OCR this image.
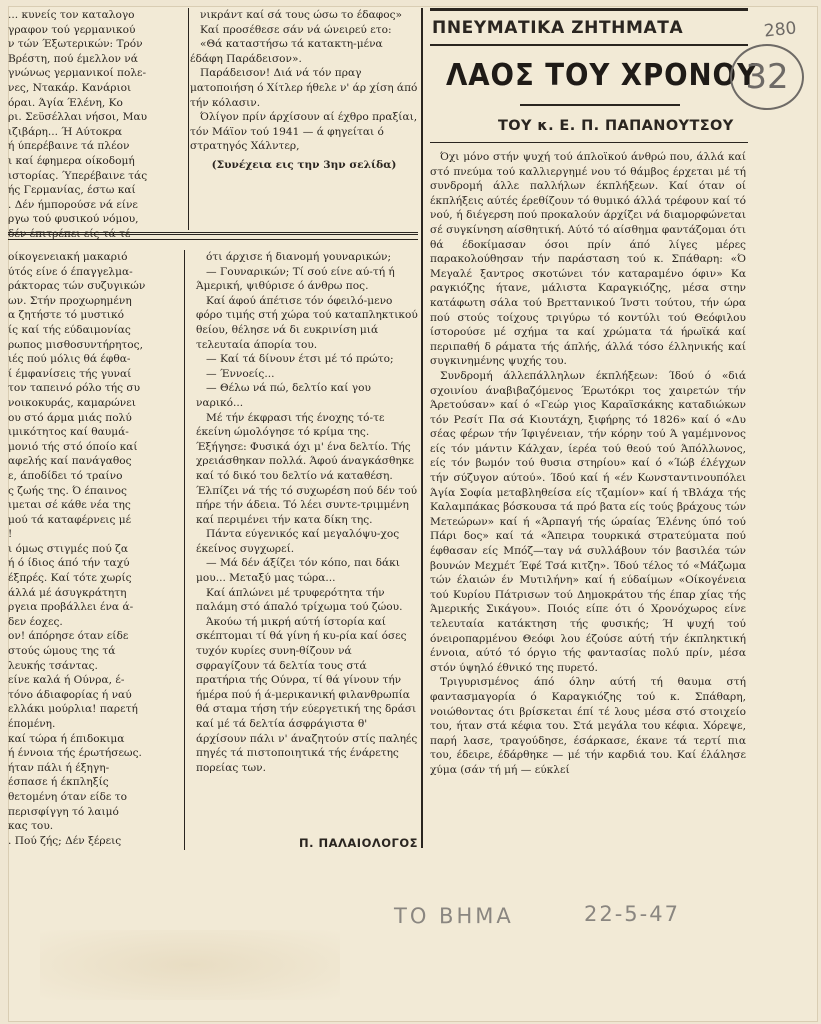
... κυνείς τον καταλογο

γραφον τού γερμανικού

ν τών Έξωτερικών: Τρόν

Βρέστη, πού έμελλον νά

γνώνως γερμανικοί πολε-

νες, Ντακάρ. Κανάριοι

όραι. Άγία Έλένη, Κο

ρι. Σεϋσέλλαι νήσοι, Μαυ

ιζιβάρη... Ή Αύτοκρα

ή ύπερέβαινε τά πλέον

ι καί έφημερα οίκοδομή

ιστορίας. Ύπερέβαινε τάς

ής Γερμανίας, έστω καί

. Δέν ήμπορούσε νά είνε

ργω τού φυσικού νόμου,

δέν έπιτρέπει είς τά τέ

νικράντ καί σά τους ώσω το έδαφος»

Καί προσέθεσε σάν νά ώνειρεύ ετο:

«Θά καταστήσω τά κατακτη-μένα έδάφη Παράδεισον».

Παράδεισον! Διά νά τόν πραγ ματοποιήση ό Χίτλερ ήθελε ν' άρ χίση άπό τήν κόλασιν.

Όλίγον πρίν άρχίσουν αί έχθρο πραξίαι, τόν Μάϊον τού 1941 — ά φηγείται ό στρατηγός Χάλντερ,

(Συνέχεια εις την 3ην σελίδα)

οίκογενειακή μακαριό

ύτός είνε ό έπαγγελμα-

ράκτορας τών συζυγικών

ων. Στήν προχωρημένη

α ζητήστε τό μυστικό

ίς καί τής εύδαιμονίας

ρωπος μισθοσυντήρητος,

ιές πού μόλις θά έφθα-

ί έμφανίσεις τής γυναί

τον ταπεινό ρόλο τής συ

νοικοκυράς, καμαρώνει

ου στό άρμα μιάς πολύ

ιμικότητος καί θαυμά-

μονιό τής στό όποίο καί

αφελής καί πανάγαθος

ε, άποδίδει τό τραίνο

ς ζωής της. Ό έπαινος

ιμεται σέ κάθε νέα της

μού τά καταφέρνεις μέ

!

ι όμως στιγμές πού ζα

ή ό ίδιος άπό τήν ταχύ

έξπρές. Καί τότε χωρίς

άλλά μέ άσυγκράτητη

ργεια προβάλλει ένα ά-

δεν έοχες.

ον! άπόρησε όταν είδε

στούς ώμους της τά

λευκής τσάντας.

είνε καλά ή Ούνρα, έ-

τόνο άδιαφορίας ή ναύ

ελλάκι μούρλια! παρετή

έπομένη.

καί τώρα ή έπιδοκιμα

ή έννοια τής έρωτήσεως.

ήταν πάλι ή έξηγη-

έσπασε ή έκπληξίς

θετομένη όταν είδε το

περισφίγγη τό λαιμό

κας του.

. Πού ζής; Δέν ξέρεις

ότι άρχισε ή διανομή γουναρικών;

— Γουναρικών; Τί σού είνε αύ-τή ή Άμερική, ψιθύρισε ό άνθρω πος.

Καί άφού άπέτισε τόν όφειλό-μενο φόρο τιμής στή χώρα τού καταπληκτικού θείου, θέλησε νά δι ευκρινίση μιά τελευταία άπορία του.

— Καί τά δίνουν έτσι μέ τό πρώτο;

— Έννοείς...

— Θέλω νά πώ, δελτίο καί γου ναρικό...

Μέ τήν έκφρασι τής ένοχης τό-τε έκείνη ώμολόγησε τό κρίμα της. Έξήγησε: Φυσικά όχι μ' ένα δελτίο. Τής χρειάσθηκαν πολλά. Άφού άναγκάσθηκε καί τό δικό του δελτίο νά καταθέση. Έλπίζει νά τής τό συχωρέση πού δέν τού πήρε τήν άδεια. Τό λέει συντε-τριμμένη καί περιμένει τήν κατα δίκη της.

Πάντα εύγενικός καί μεγαλόψυ-χος έκείνος συγχωρεί.

— Μά δέν άξίζει τόν κόπο, παι δάκι μου... Μεταξύ μας τώρα...

Καί άπλώνει μέ τρυφερότητα τήν παλάμη στό άπαλό τρίχωμα τού ζώου.

Άκούω τή μικρή αύτή ίστορία καί σκέπτομαι τί θά γίνη ή κυ-ρία καί όσες τυχόν κυρίες συνη-θίζουν νά σφραγίζουν τά δελτία τους στά πρατήρια τής Ούνρα, τί θά γίνουν τήν ήμέρα πού ή ά-μερικανική φιλανθρωπία θά σταμα τήση τήν εύεργετική της δράσι καί μέ τά δελτία άσφράγιστα θ' άρχίσουν πάλι ν' άναζητούν στίς παληές πηγές τά πιστοποιητικά τής ένάρετης πορείας των.

Π. ΠΑΛΑΙΟΛΟΓΟΣ
ΠΝΕΥΜΑΤΙΚΑ ΖΗΤΗΜΑΤΑ
ΛΑΟΣ ΤΟΥ ΧΡΟΝΟΥ
ΤΟΥ κ. Ε. Π. ΠΑΠΑΝΟΥΤΣΟΥ

Όχι μόνο στήν ψυχή τού άπλοϊκού άνθρώ που, άλλά καί στό πνεύμα τού καλλιεργημέ νου τό θάμβος έρχεται μέ τή συνδρομή άλλε παλλήλων έκπλήξεων. Καί όταν οί έκπλήξεις αύτές έρεθίζουν τό θυμικό άλλά τρέφουν καί τό νού, ή διέγερση πού προκαλούν άρχίζει νά διαμορφώνεται σέ συγκίνηση αίσθητική. Αύτό τό αίσθημα φαντάζομαι ότι θά έδοκίμασαν όσοι πρίν άπό λίγες μέρες παρακολούθησαν τήν παράσταση τού κ. Σπάθαρη: «Ό Μεγαλέ ξαντρος σκοτώνει τόν καταραμένο όφιν» Κα ραγκιόζης ήτανε, μάλιστα Καραγκιόζης, μέσα στην κατάφωτη σάλα τού Βρεττανικού Ίνστι τούτου, τήν ώρα πού στούς τοίχους τριγύρω τό κοντύλι τού Θεόφιλου ίστορούσε μέ σχήμα τα καί χρώματα τά ήρωϊκά καί περιπαθή δ ράματα τής άπλής, άλλά τόσο έλληνικής καί συγκινημένης ψυχής του.

Συνδρομή άλλεπάλληλων έκπλήξεων: Ίδού ό «διά σχοινίου άναβιβαζόμενος Έρωτόκρι τος χαιρετών τήν Άρετούσαν» καί ό «Γεώρ γιος Καραϊσκάκης καταδιώκων τόν Ρεσίτ Πα σά Κιουτάχη, ξιφήρης τό 1826» καί ό «Δυ σέας φέρων τήν Ίφιγένειαν, τήν κόρην τού Ά γαμέμνονος είς τόν μάντιν Κάλχαν, ίερέα τού θεού τού Άπόλλωνος, είς τόν βωμόν τού θυσια στηρίου» καί ό «Ίώβ έλέγχων τήν σύζυγον αύτού». Ίδού καί ή «έν Κωνσταντινουπόλει Άγία Σοφία μεταβληθείσα είς τζαμίον» καί ή τΒλάχα τής Καλαμπάκας βόσκουσα τά πρό βατα είς τούς βράχους τών Μετεώρων» καί ή «Άρπαγή τής ώραίας Έλένης ύπό τού Πάρι δος» καί τά «Άπειρα τουρκικά στρατεύματα πού έφθασαν είς Μπόζ—ταγ νά συλλάβουν τόν βασιλέα τών βουνών Μεχμέτ Έφέ Τσά κιτζη». Ίδού τέλος τό «Μάζωμα τών έλαιών έν Μυτιλήνη» καί ή εύδαίμων «Οίκογένεια τού Κυρίου Πάτρισων τού Δημοκράτου τής έπαρ χίας τής Άμερικής Σικάγου». Ποιός είπε ότι ό Χρονόχωρος είνε τελευταία κατάκτηση τής φυσικής; Ή ψυχή τού όνειροπαρμένου Θεόφι λου έζούσε αύτή τήν έκπληκτική έννοια, αύτό τό όργιο τής φαντασίας πολύ πρίν, μέσα στόν ύψηλό έθνικό της πυρετό.

Τριγυρισμένος άπό όλην αύτή τή θαυμα στή φαντασμαγορία ό Καραγκιόζης τού κ. Σπάθαρη, νοιώθοντας ότι βρίσκεται έπί τέ λους μέσα στό στοιχείο του, ήταν στά κέφια του. Στά μεγάλα του κέφια. Χόρεψε, παρή λασε, τραγούδησε, έσάρκασε, έκανε τά τερτί πια του, έδειρε, έδάρθηκε — μέ τήν καρδιά του. Καί έλάλησε χύμα (σάν τή μή — εύκλεί

280
32
ΤΟ ΒΗΜΑ	22-5-47
